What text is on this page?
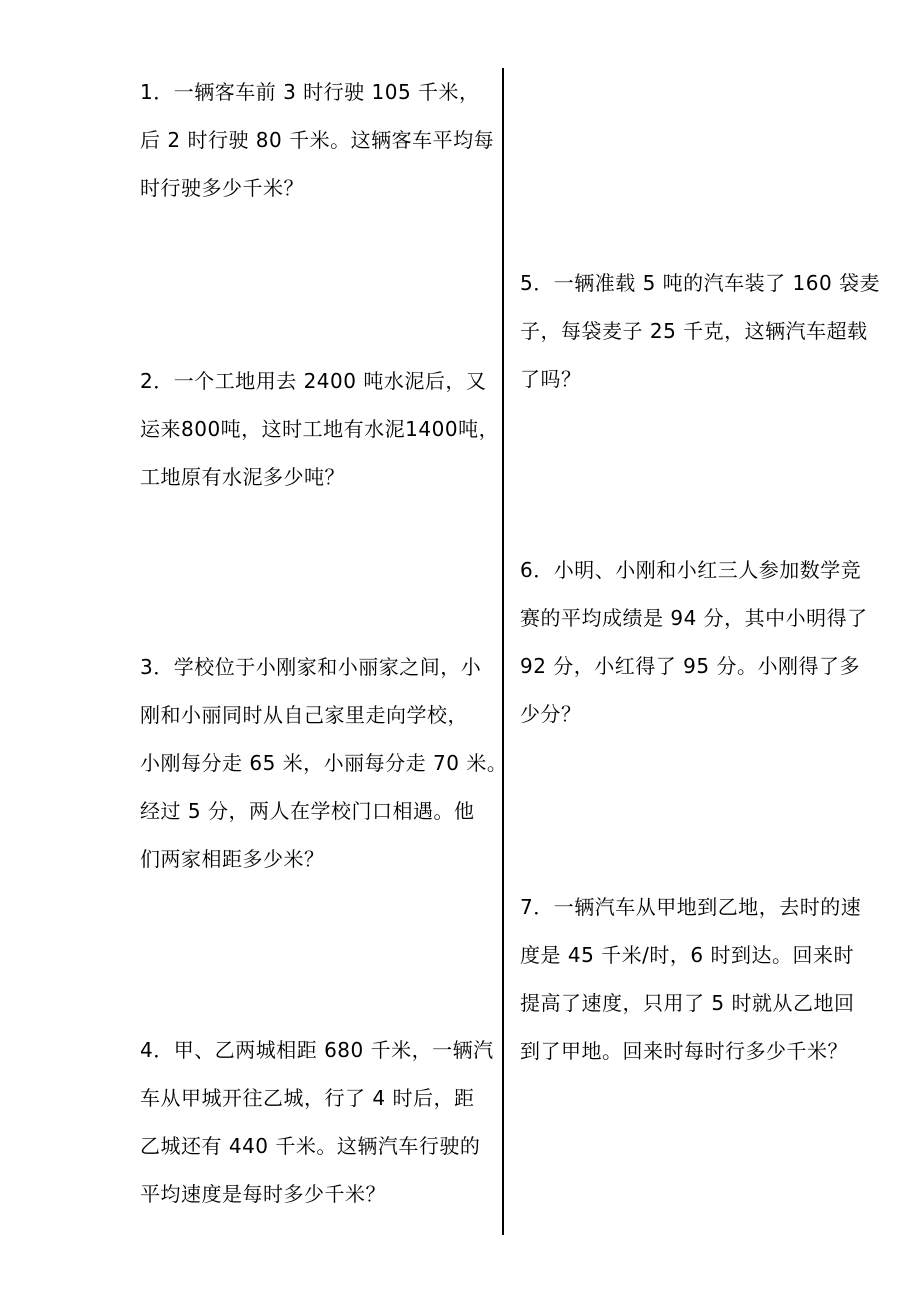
1．一辆客车前 3 时行驶 105 千米，
后 2 时行驶 80 千米。这辆客车平均每
时行驶多少千米？
2．一个工地用去 2400 吨水泥后，又
运来800吨，这时工地有水泥1400吨，
工地原有水泥多少吨？
3．学校位于小刚家和小丽家之间，小
刚和小丽同时从自己家里走向学校，
小刚每分走 65 米，小丽每分走 70 米。
经过 5 分，两人在学校门口相遇。他
们两家相距多少米？
4．甲、乙两城相距 680 千米，一辆汽
车从甲城开往乙城，行了 4 时后，距
乙城还有 440 千米。这辆汽车行驶的
平均速度是每时多少千米？
5．一辆准载 5 吨的汽车装了 160 袋麦
子，每袋麦子 25 千克，这辆汽车超载
了吗？
6．小明、小刚和小红三人参加数学竞
赛的平均成绩是 94 分，其中小明得了
92 分，小红得了 95 分。小刚得了多
少分？
7．一辆汽车从甲地到乙地，去时的速
度是 45 千米/时，6 时到达。回来时
提高了速度，只用了 5 时就从乙地回
到了甲地。回来时每时行多少千米？
